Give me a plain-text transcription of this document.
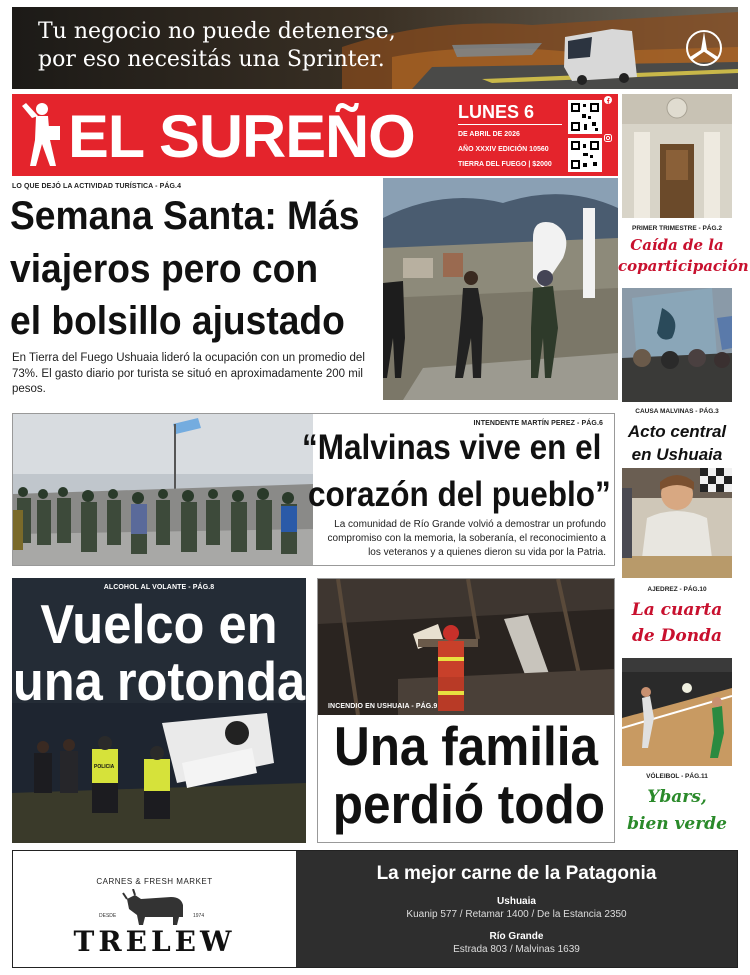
Tu negocio no puede detenerse,
por eso necesitás una Sprinter.
EL SUREÑO LUNES 6
DE ABRIL DE 2026
AÑO XXXIV EDICIÓN 10560
TIERRA DEL FUEGO | $2000
LO QUE DEJÓ LA ACTIVIDAD TURÍSTICA - PÁG.4
Semana Santa: Más
viajeros pero con
el bolsillo ajustado
En Tierra del Fuego Ushuaia lideró la ocupación con un promedio del 73%. El gasto diario por turista se situó en aproximadamente 200 mil pesos.
PRIMER TRIMESTRE - PÁG.2
Caída de la
coparticipación
CAUSA MALVINAS - PÁG.3
Acto central
en Ushuaia
AJEDREZ - PÁG.10
La cuarta
de Donda
VÓLEIBOL - PÁG.11
Ybars,
bien verde
INTENDENTE MARTÍN PEREZ - PÁG.6
“Malvinas vive en el
corazón del pueblo”
La comunidad de Río Grande volvió a demostrar un profundo compromiso con la memoria, la soberanía, el reconocimiento a los veteranos y a quienes dieron su vida por la Patria.
POLICIA
ALCOHOL AL VOLANTE - PÁG.8
Vuelco en
una rotonda	INCENDIO EN USHUAIA - PÁG.9
Una familia
perdió todo
CARNES & FRESH MARKET
DESDE	1974
TRELEW
La mejor carne de la Patagonia
Ushuaia
Kuanip 577 / Retamar 1400 / De la Estancia 2350
Río Grande
Estrada 803 / Malvinas 1639
